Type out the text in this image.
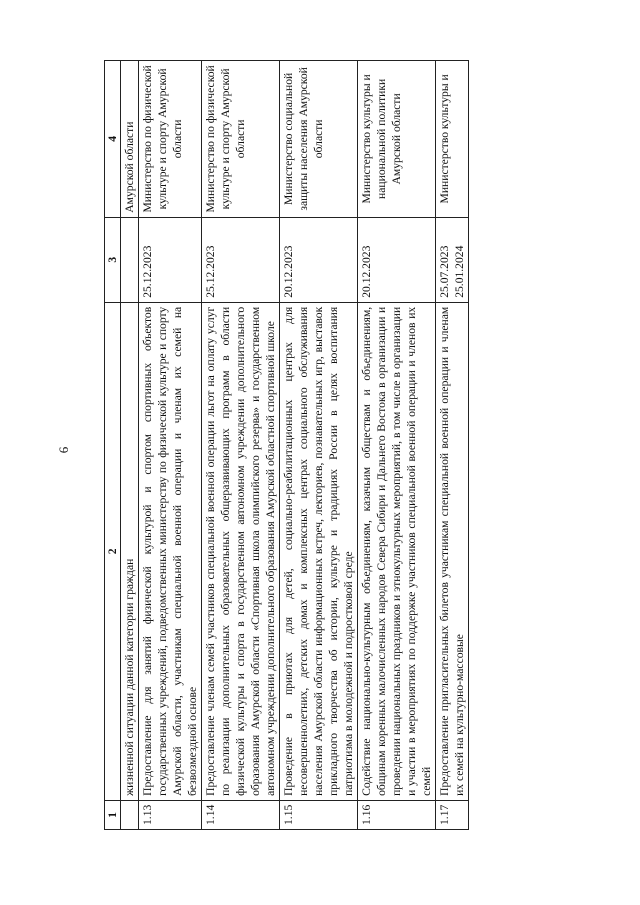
6
1	2	3	4
	жизненной ситуации данной категории граждан		Амурской области
1.13	Предоставление для занятий физической культурой и спортом спортивных объектов государственных учреждений, подведомственных министерству по физической культуре и спорту Амурской области, участникам специальной военной операции и членам их семей на безвозмездной основе	25.12.2023	Министерство по физической культуре и спорту Амурской области
1.14	Предоставление членам семей участников специальной военной операции льгот на оплату услуг по реализации дополнительных образовательных общеразвивающих программ в области физической культуры и спорта в государственном автономном учреждении дополнительного образования Амурской области «Спортивная школа олимпийского резерва» и государственном автономном учреждении дополнительного образования Амурской областной спортивной школе	25.12.2023	Министерство по физической культуре и спорту Амурской области
1.15	Проведение в приютах для детей, социально-реабилитационных центрах для несовершеннолетних, детских домах и комплексных центрах социального обслуживания населения Амурской области информационных встреч, лекториев, познавательных игр, выставок прикладного творчества об истории, культуре и традициях России в целях воспитания патриотизма в молодежной и подростковой среде	20.12.2023	Министерство социальной защиты населения Амурской области
1.16	Содействие национально-культурным объединениям, казачьим обществам и объединениям, общинам коренных малочисленных народов Севера Сибири и Дальнего Востока в организации и проведении национальных праздников и этнокультурных мероприятий, в том числе в организации и участии в мероприятиях по поддержке участников специальной военной операции и членов их семей	20.12.2023	Министерство культуры и национальной политики Амурской области
1.17	Предоставление пригласительных билетов участникам специальной военной операции и членам их семей на культурно-массовые	25.07.2023
25.01.2024	Министерство культуры и
